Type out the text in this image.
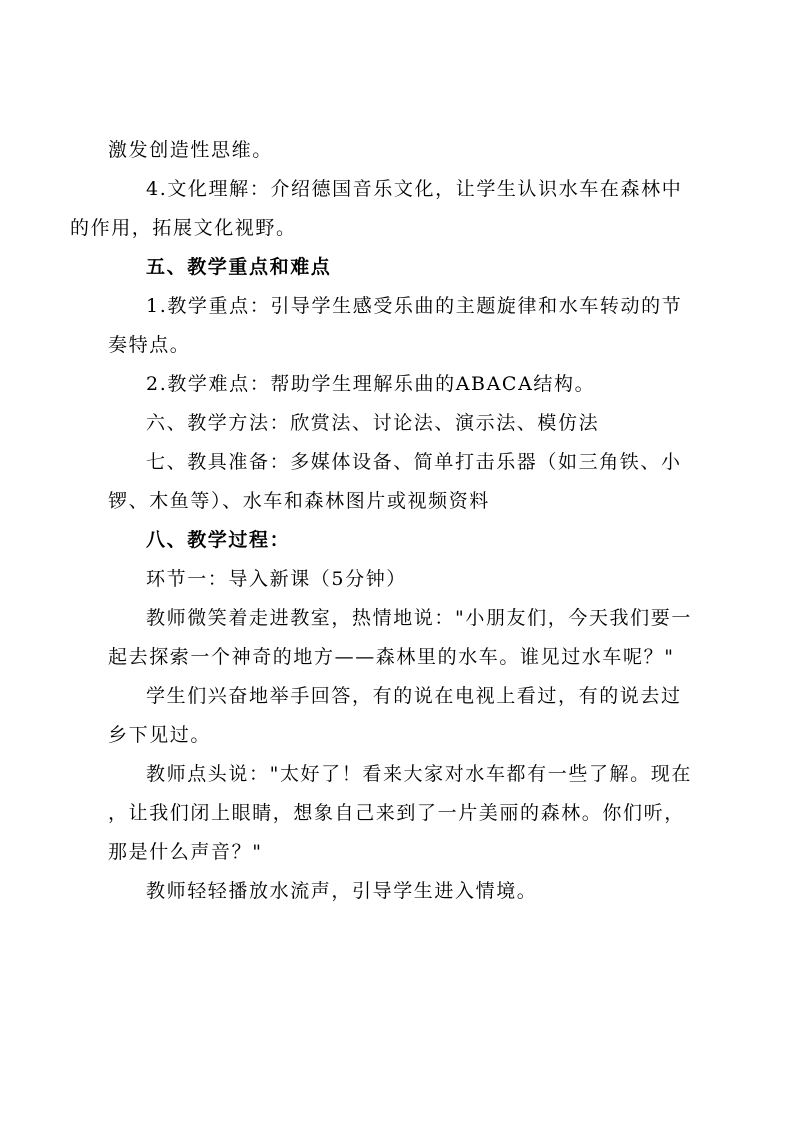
激发创造性思维。
4.文化理解：介绍德国音乐文化，让学生认识水车在森林中
的作用，拓展文化视野。
五、教学重点和难点
1.教学重点：引导学生感受乐曲的主题旋律和水车转动的节
奏特点。
2.教学难点：帮助学生理解乐曲的ABACA结构。
六、教学方法：欣赏法、讨论法、演示法、模仿法
七、教具准备：多媒体设备、简单打击乐器（如三角铁、小
锣、木鱼等）、水车和森林图片或视频资料
八、教学过程：
环节一：导入新课（5分钟）
教师微笑着走进教室，热情地说："小朋友们，今天我们要一
起去探索一个神奇的地方——森林里的水车。谁见过水车呢？"
学生们兴奋地举手回答，有的说在电视上看过，有的说去过
乡下见过。
教师点头说："太好了！看来大家对水车都有一些了解。现在
，让我们闭上眼睛，想象自己来到了一片美丽的森林。你们听，
那是什么声音？"
教师轻轻播放水流声，引导学生进入情境。
